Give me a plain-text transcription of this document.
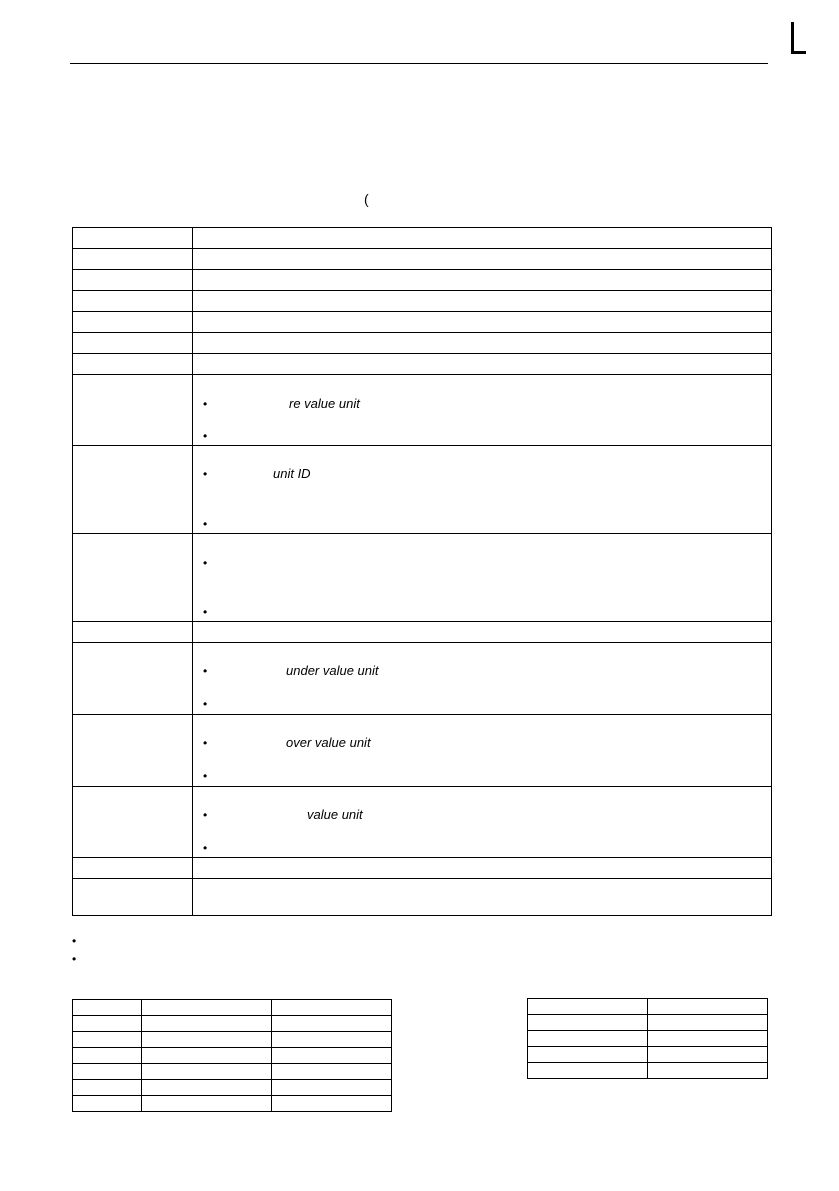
(

	• re value unit
•

	• unit ID
•

	•
•

	• under value unit
•

	• over value unit
•

	• value unit
•

•
•
